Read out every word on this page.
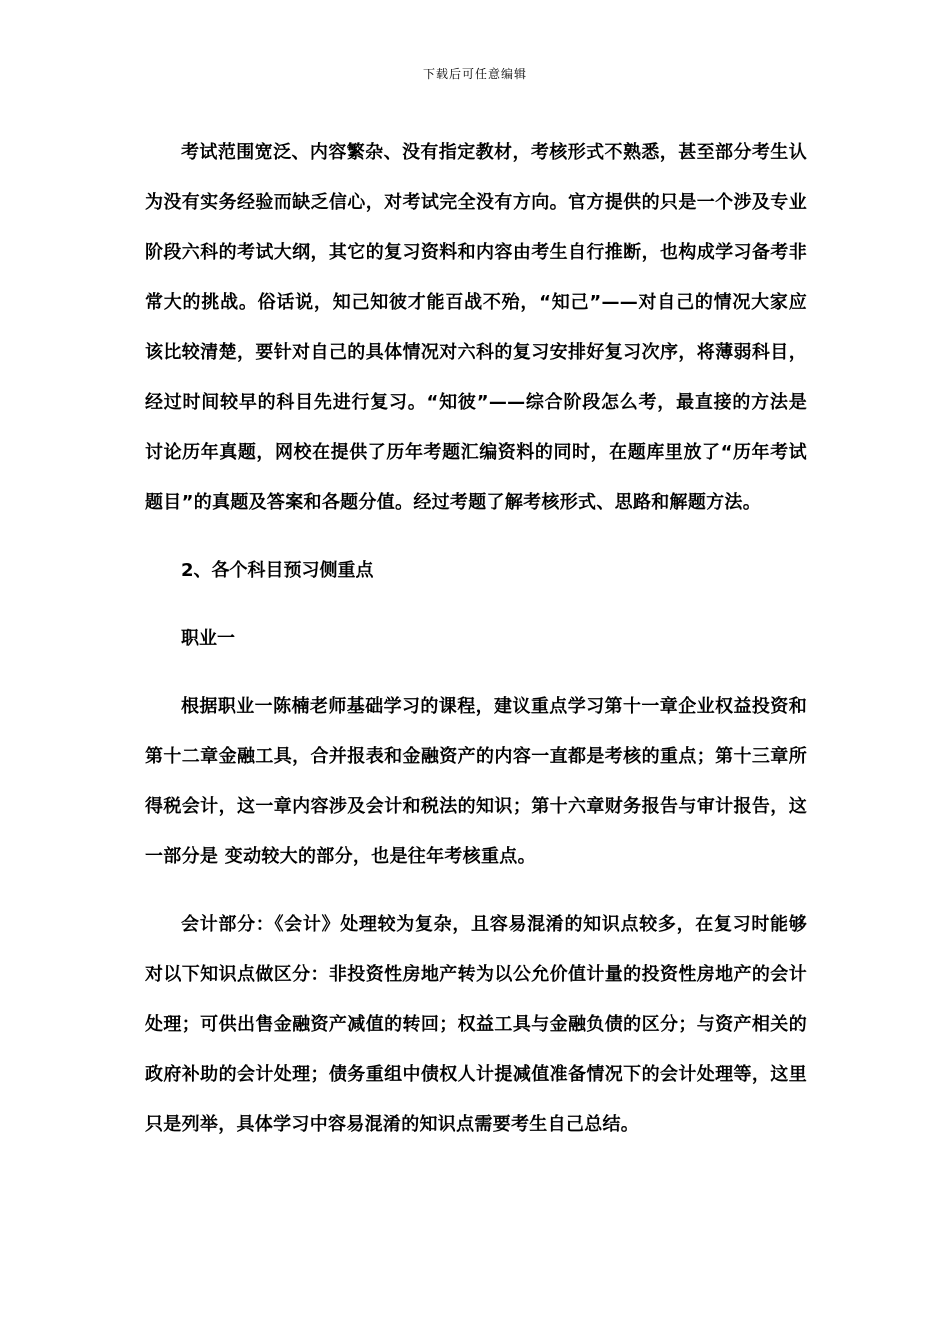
下载后可任意编辑

考试范围宽泛、内容繁杂、没有指定教材，考核形式不熟悉，甚至部分考生认为没有实务经验而缺乏信心，对考试完全没有方向。官方提供的只是一个涉及专业阶段六科的考试大纲，其它的复习资料和内容由考生自行推断，也构成学习备考非常大的挑战。俗话说，知己知彼才能百战不殆，“知己”——对自己的情况大家应该比较清楚，要针对自己的具体情况对六科的复习安排好复习次序，将薄弱科目，经过时间较早的科目先进行复习。“知彼”——综合阶段怎么考，最直接的方法是讨论历年真题，网校在提供了历年考题汇编资料的同时，在题库里放了“历年考试题目”的真题及答案和各题分值。经过考题了解考核形式、思路和解题方法。

2、各个科目预习侧重点

职业一

根据职业一陈楠老师基础学习的课程，建议重点学习第十一章企业权益投资和第十二章金融工具，合并报表和金融资产的内容一直都是考核的重点；第十三章所得税会计，这一章内容涉及会计和税法的知识；第十六章财务报告与审计报告，这一部分是 变动较大的部分，也是往年考核重点。

会计部分：《会计》处理较为复杂，且容易混淆的知识点较多，在复习时能够对以下知识点做区分：非投资性房地产转为以公允价值计量的投资性房地产的会计处理；可供出售金融资产减值的转回；权益工具与金融负债的区分；与资产相关的政府补助的会计处理；债务重组中债权人计提减值准备情况下的会计处理等，这里只是列举，具体学习中容易混淆的知识点需要考生自己总结。
